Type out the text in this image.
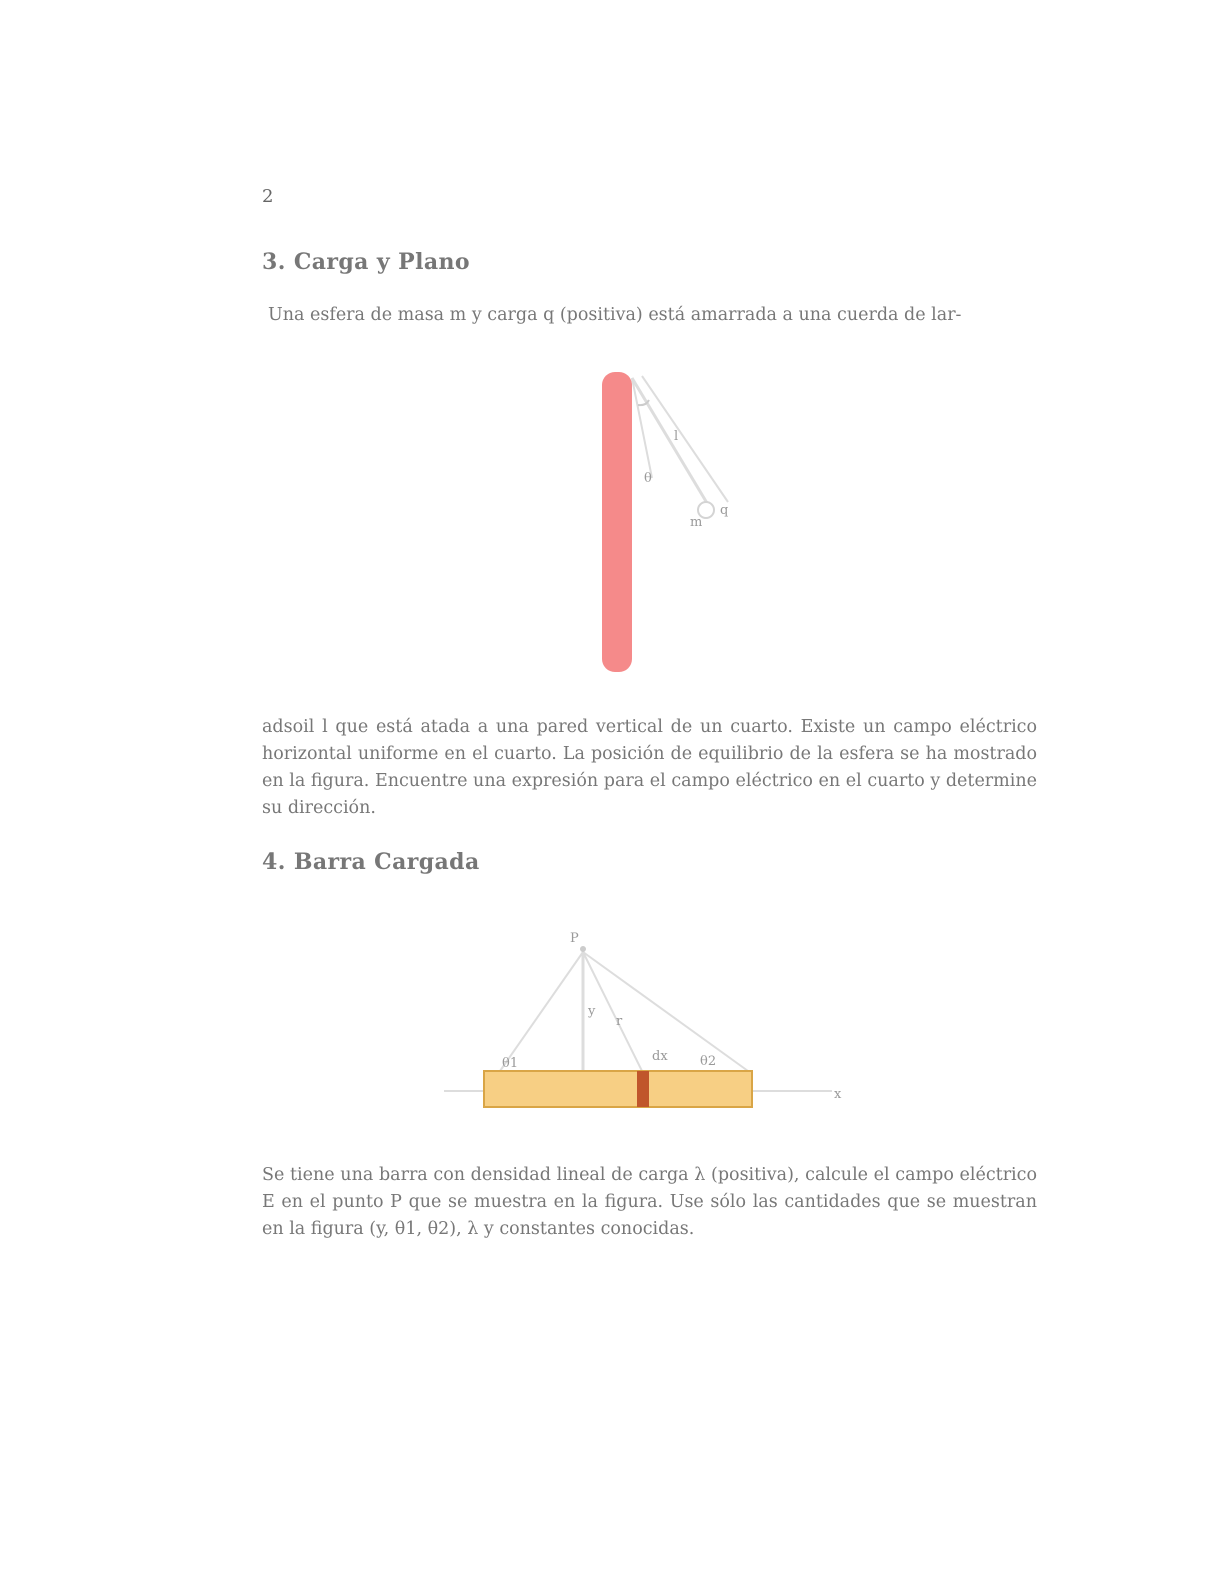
2
3. Carga y Plano

Una esfera de masa m y carga q (positiva) está amarrada a una cuerda de lar-

θ
l
m
q

adsoil l que está atada a una pared vertical de un cuarto. Existe un campo eléctrico horizontal uniforme en el cuarto. La posición de equilibrio de la esfera se ha mostrado en la figura. Encuentre una expresión para el campo eléctrico en el cuarto y determine su dirección.

4. Barra Cargada
x
P
y
r
θ1	θ2
dx

Se tiene una barra con densidad lineal de carga λ (positiva), calcule el campo eléctrico E en el punto P que se muestra en la figura. Use sólo las cantidades que se muestran en la figura (y, θ1, θ2), λ y constantes conocidas.
